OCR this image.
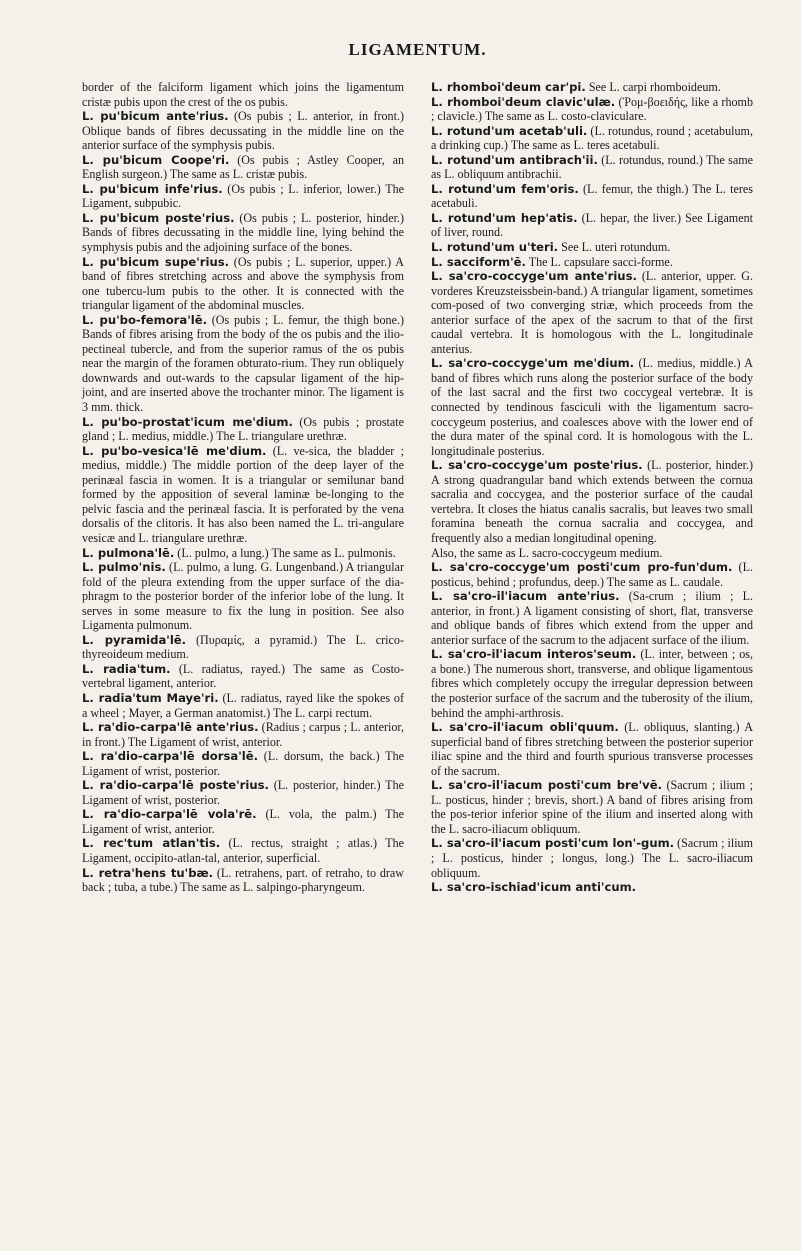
LIGAMENTUM.

border of the falciform ligament which joins the ligamentum cristæ pubis upon the crest of the os pubis.

L. pu'bicum ante'rius. (Os pubis ; L. anterior, in front.) Oblique bands of fibres decussating in the middle line on the anterior surface of the symphysis pubis.

L. pu'bicum Coope'ri. (Os pubis ; Astley Cooper, an English surgeon.) The same as L. cristæ pubis.

L. pu'bicum infe'rius. (Os pubis ; L. inferior, lower.) The Ligament, subpubic.

L. pu'bicum poste'rius. (Os pubis ; L. posterior, hinder.) Bands of fibres decussating in the middle line, lying behind the symphysis pubis and the adjoining surface of the bones.

L. pu'bicum supe'rius. (Os pubis ; L. superior, upper.) A band of fibres stretching across and above the symphysis from one tubercu-lum pubis to the other. It is connected with the triangular ligament of the abdominal muscles.

L. pu'bo-femora'lē. (Os pubis ; L. femur, the thigh bone.) Bands of fibres arising from the body of the os pubis and the ilio-pectineal tubercle, and from the superior ramus of the os pubis near the margin of the foramen obturato-rium. They run obliquely downwards and out-wards to the capsular ligament of the hip-joint, and are inserted above the trochanter minor. The ligament is 3 mm. thick.

L. pu'bo-prostat'icum me'dium. (Os pubis ; prostate gland ; L. medius, middle.) The L. triangulare urethræ.

L. pu'bo-vesica'lē me'dium. (L. ve-sica, the bladder ; medius, middle.) The middle portion of the deep layer of the perinæal fascia in women. It is a triangular or semilunar band formed by the apposition of several laminæ be-longing to the pelvic fascia and the perinæal fascia. It is perforated by the vena dorsalis of the clitoris. It has also been named the L. tri-angulare vesicæ and L. triangulare urethræ.

L. pulmona'lē. (L. pulmo, a lung.) The same as L. pulmonis.

L. pulmo'nis. (L. pulmo, a lung. G. Lungenband.) A triangular fold of the pleura extending from the upper surface of the dia-phragm to the posterior border of the inferior lobe of the lung. It serves in some measure to fix the lung in position. See also Ligamenta pulmonum.

L. pyramida'lē. (Πυραμίς, a pyramid.) The L. crico-thyreoideum medium.

L. radia'tum. (L. radiatus, rayed.) The same as Costo-vertebral ligament, anterior.

L. radia'tum Maye'ri. (L. radiatus, rayed like the spokes of a wheel ; Mayer, a German anatomist.) The L. carpi rectum.

L. ra'dio-carpa'lē ante'rius. (Radius ; carpus ; L. anterior, in front.) The Ligament of wrist, anterior.

L. ra'dio-carpa'lē dorsa'lē. (L. dorsum, the back.) The Ligament of wrist, posterior.

L. ra'dio-carpa'lē poste'rius. (L. posterior, hinder.) The Ligament of wrist, posterior.

L. ra'dio-carpa'lē vola'rē. (L. vola, the palm.) The Ligament of wrist, anterior.

L. rec'tum atlan'tis. (L. rectus, straight ; atlas.) The Ligament, occipito-atlan-tal, anterior, superficial.

L. retra'hens tu'bæ. (L. retrahens, part. of retraho, to draw back ; tuba, a tube.) The same as L. salpingo-pharyngeum.

L. rhomboi'deum car'pi. See L. carpi rhomboideum.

L. rhomboi'deum clavic'ulæ. (Ῥομ-βοειδής, like a rhomb ; clavicle.) The same as L. costo-claviculare.

L. rotund'um acetab'uli. (L. rotundus, round ; acetabulum, a drinking cup.) The same as L. teres acetabuli.

L. rotund'um antibrach'ii. (L. rotundus, round.) The same as L. obliquum antibrachii.

L. rotund'um fem'oris. (L. femur, the thigh.) The L. teres acetabuli.

L. rotund'um hep'atis. (L. hepar, the liver.) See Ligament of liver, round.

L. rotund'um u'teri. See L. uteri rotundum.

L. sacciform'ē. The L. capsulare sacci-forme.

L. sa'cro-coccyge'um ante'rius. (L. anterior, upper. G. vorderes Kreuzsteissbein-band.) A triangular ligament, sometimes com-posed of two converging striæ, which proceeds from the anterior surface of the apex of the sacrum to that of the first caudal vertebra. It is homologous with the L. longitudinale anterius.

L. sa'cro-coccyge'um me'dium. (L. medius, middle.) A band of fibres which runs along the posterior surface of the body of the last sacral and the first two coccygeal vertebræ. It is connected by tendinous fasciculi with the ligamentum sacro-coccygeum posterius, and coalesces above with the lower end of the dura mater of the spinal cord. It is homologous with the L. longitudinale posterius.

L. sa'cro-coccyge'um poste'rius. (L. posterior, hinder.) A strong quadrangular band which extends between the cornua sacralia and coccygea, and the posterior surface of the caudal vertebra. It closes the hiatus canalis sacralis, but leaves two small foramina beneath the cornua sacralia and coccygea, and frequently also a median longitudinal opening.

Also, the same as L. sacro-coccygeum medium.

L. sa'cro-coccyge'um posti'cum pro-fun'dum. (L. posticus, behind ; profundus, deep.) The same as L. caudale.

L. sa'cro-il'iacum ante'rius. (Sa-crum ; ilium ; L. anterior, in front.) A ligament consisting of short, flat, transverse and oblique bands of fibres which extend from the upper and anterior surface of the sacrum to the adjacent surface of the ilium.

L. sa'cro-il'iacum interos'seum. (L. inter, between ; os, a bone.) The numerous short, transverse, and oblique ligamentous fibres which completely occupy the irregular depression between the posterior surface of the sacrum and the tuberosity of the ilium, behind the amphi-arthrosis.

L. sa'cro-il'iacum obli'quum. (L. obliquus, slanting.) A superficial band of fibres stretching between the posterior superior iliac spine and the third and fourth spurious transverse processes of the sacrum.

L. sa'cro-il'iacum posti'cum bre'vē. (Sacrum ; ilium ; L. posticus, hinder ; brevis, short.) A band of fibres arising from the pos-terior inferior spine of the ilium and inserted along with the L. sacro-iliacum obliquum.

L. sa'cro-il'iacum posti'cum lon'-gum. (Sacrum ; ilium ; L. posticus, hinder ; longus, long.) The L. sacro-iliacum obliquum.

L. sa'cro-ischiad'icum anti'cum.
